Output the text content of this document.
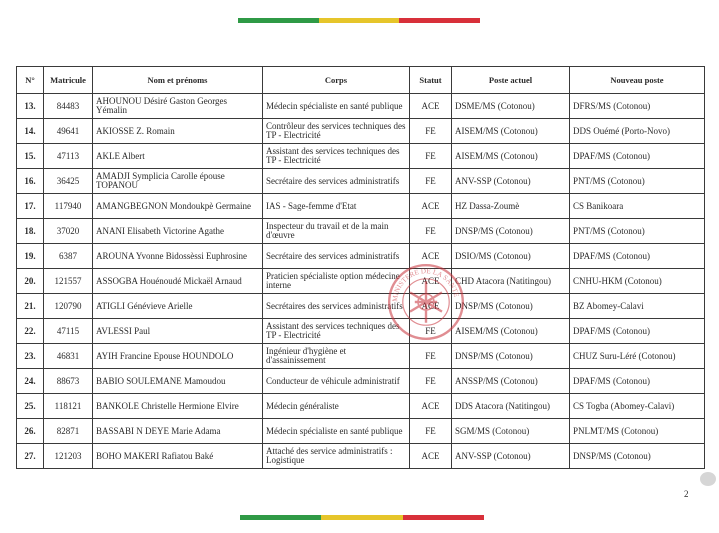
N°	Matricule	Nom et prénoms	Corps	Statut	Poste actuel	Nouveau poste
13.	84483	AHOUNOU Désiré Gaston Georges Yémalin	Médecin spécialiste en santé publique	ACE	DSME/MS (Cotonou)	DFRS/MS (Cotonou)
14.	49641	AKIOSSE Z. Romain	Contrôleur des services techniques des TP - Electricité	FE	AISEM/MS (Cotonou)	DDS Ouémé (Porto-Novo)
15.	47113	AKLE Albert	Assistant des services techniques des TP - Electricité	FE	AISEM/MS (Cotonou)	DPAF/MS (Cotonou)
16.	36425	AMADJI Symplicia Carolle épouse TOPANOU	Secrétaire des services administratifs	FE	ANV-SSP (Cotonou)	PNT/MS (Cotonou)
17.	117940	AMANGBEGNON Mondoukpè Germaine	IAS - Sage-femme d'Etat	ACE	HZ Dassa-Zoumè	CS Banikoara
18.	37020	ANANI Elisabeth Victorine Agathe	Inspecteur du travail et de la main d'œuvre	FE	DNSP/MS (Cotonou)	PNT/MS (Cotonou)
19.	6387	AROUNA Yvonne Bidossèssi Euphrosine	Secrétaire des services administratifs	ACE	DSIO/MS (Cotonou)	DPAF/MS (Cotonou)
20.	121557	ASSOGBA Houénoudé Mickaël Arnaud	Praticien spécialiste option médecine interne	ACE	CHD Atacora (Natitingou)	CNHU-HKM (Cotonou)
21.	120790	ATIGLI Génévieve Arielle	Secrétaires des services administratifs	ACE	DNSP/MS (Cotonou)	BZ Abomey-Calavi
22.	47115	AVLESSI Paul	Assistant des services techniques des TP - Electricité	FE	AISEM/MS (Cotonou)	DPAF/MS (Cotonou)
23.	46831	AYIH Francine Epouse HOUNDOLO	Ingénieur d'hygiène et d'assainissement	FE	DNSP/MS (Cotonou)	CHUZ Suru-Léré (Cotonou)
24.	88673	BABIO SOULEMANE Mamoudou	Conducteur de véhicule administratif	FE	ANSSP/MS (Cotonou)	DPAF/MS (Cotonou)
25.	118121	BANKOLE Christelle Hermione Elvire	Médecin généraliste	ACE	DDS Atacora (Natitingou)	CS Togba (Abomey-Calavi)
26.	82871	BASSABI N DEYE Marie Adama	Médecin spécialiste en santé publique	FE	SGM/MS (Cotonou)	PNLMT/MS (Cotonou)
27.	121203	BOHO MAKERI Rafiatou Baké	Attaché des service administratifs : Logistique	ACE	ANV-SSP (Cotonou)	DNSP/MS (Cotonou)
MINISTERE DE LA SANTE
2
